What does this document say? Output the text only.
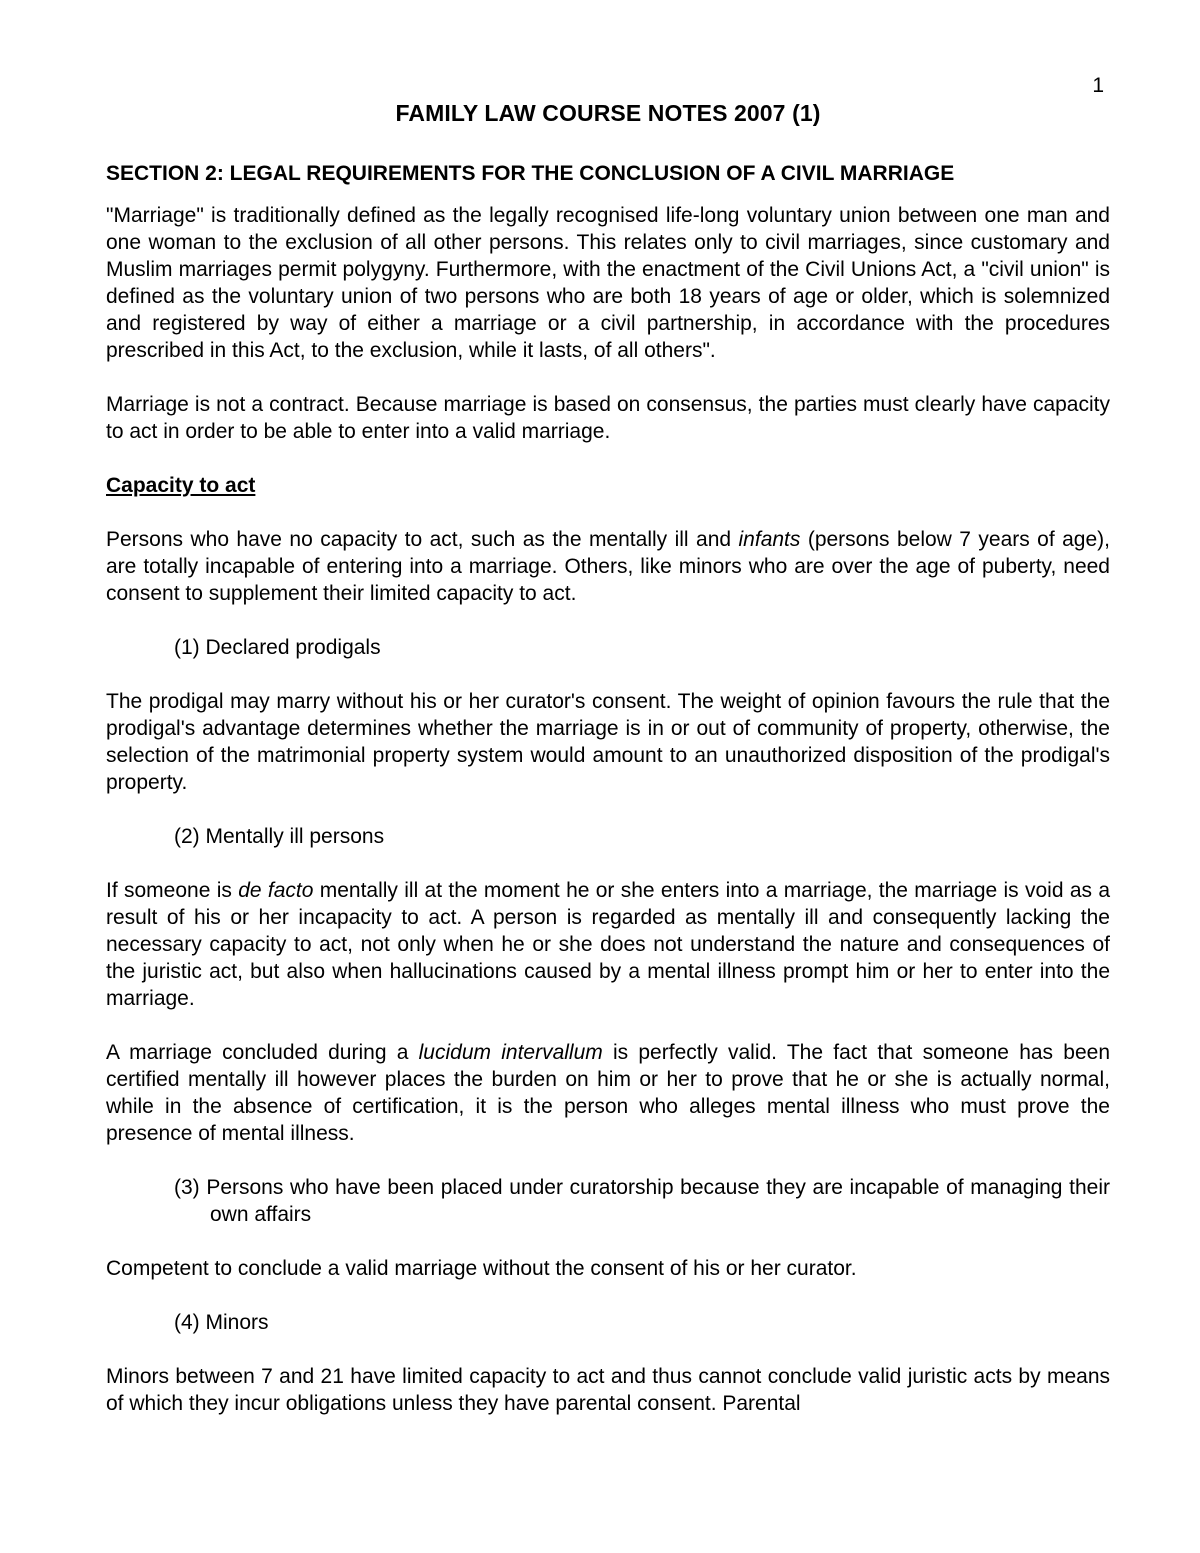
1
FAMILY LAW COURSE NOTES 2007 (1)
SECTION 2: LEGAL REQUIREMENTS FOR THE CONCLUSION OF A CIVIL MARRIAGE

"Marriage" is traditionally defined as the legally recognised life-long voluntary union between one man and one woman to the exclusion of all other persons. This relates only to civil marriages, since customary and Muslim marriages permit polygyny. Furthermore, with the enactment of the Civil Unions Act, a "civil union" is defined as the voluntary union of two persons who are both 18 years of age or older, which is solemnized and registered by way of either a marriage or a civil partnership, in accordance with the procedures prescribed in this Act, to the exclusion, while it lasts, of all others".

Marriage is not a contract. Because marriage is based on consensus, the parties must clearly have capacity to act in order to be able to enter into a valid marriage.

Capacity to act

Persons who have no capacity to act, such as the mentally ill and infants (persons below 7 years of age), are totally incapable of entering into a marriage. Others, like minors who are over the age of puberty, need consent to supplement their limited capacity to act.

(1) Declared prodigals

The prodigal may marry without his or her curator's consent. The weight of opinion favours the rule that the prodigal's advantage determines whether the marriage is in or out of community of property, otherwise, the selection of the matrimonial property system would amount to an unauthorized disposition of the prodigal's property.

(2) Mentally ill persons

If someone is de facto mentally ill at the moment he or she enters into a marriage, the marriage is void as a result of his or her incapacity to act. A person is regarded as mentally ill and consequently lacking the necessary capacity to act, not only when he or she does not understand the nature and consequences of the juristic act, but also when hallucinations caused by a mental illness prompt him or her to enter into the marriage.

A marriage concluded during a lucidum intervallum is perfectly valid. The fact that someone has been certified mentally ill however places the burden on him or her to prove that he or she is actually normal, while in the absence of certification, it is the person who alleges mental illness who must prove the presence of mental illness.

(3) Persons who have been placed under curatorship because they are incapable of managing their own affairs

Competent to conclude a valid marriage without the consent of his or her curator.

(4) Minors

Minors between 7 and 21 have limited capacity to act and thus cannot conclude valid juristic acts by means of which they incur obligations unless they have parental consent. Parental
